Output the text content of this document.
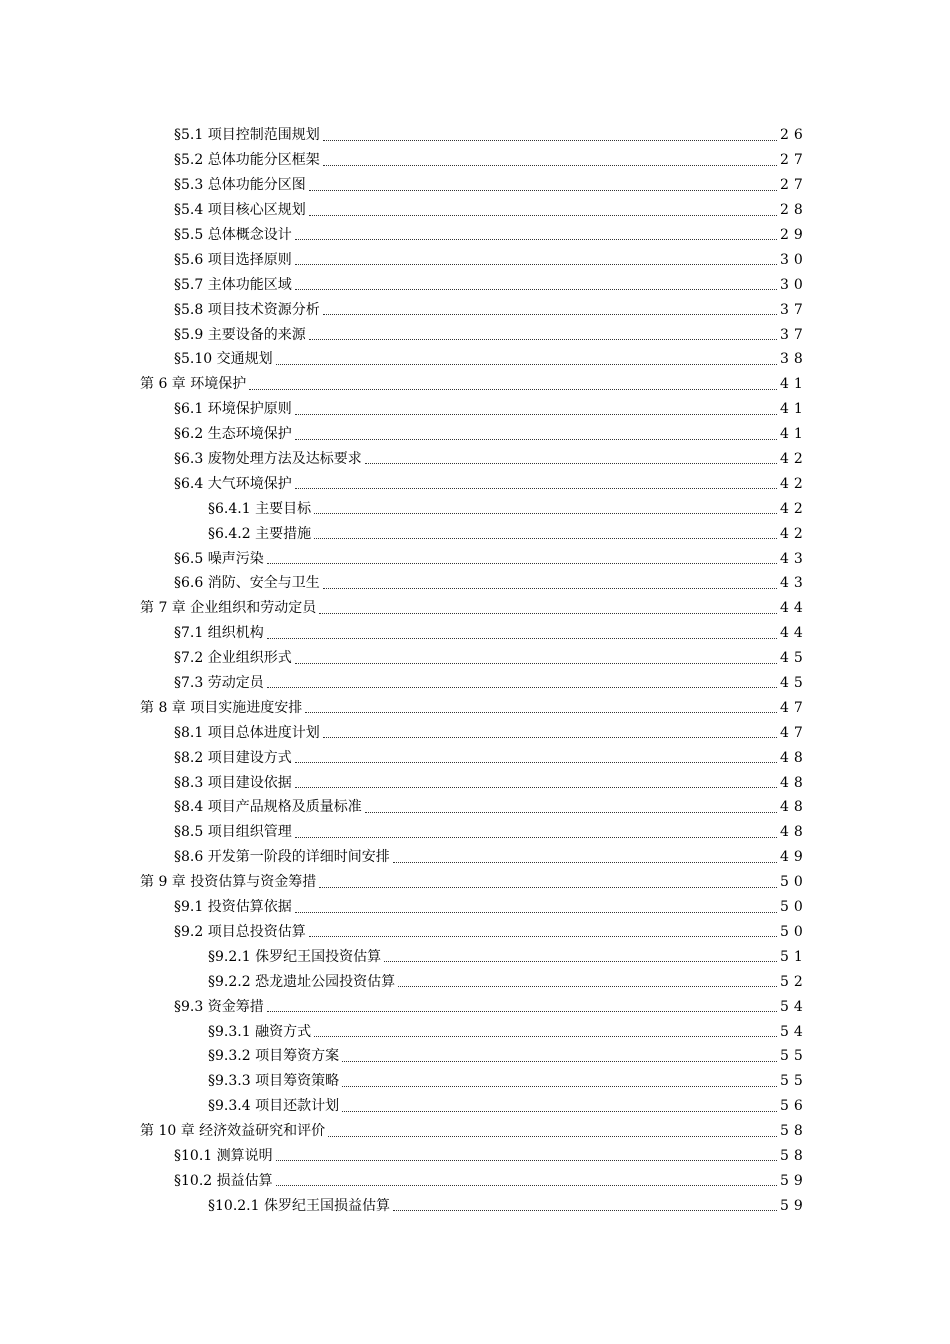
§5.1 项目控制范围规划	26
§5.2 总体功能分区框架	27
§5.3 总体功能分区图	27
§5.4 项目核心区规划	28
§5.5 总体概念设计	29
§5.6 项目选择原则	30
§5.7 主体功能区域	30
§5.8 项目技术资源分析	37
§5.9 主要设备的来源	37
§5.10 交通规划	38
第 6 章 环境保护	41
§6.1 环境保护原则	41
§6.2 生态环境保护	41
§6.3 废物处理方法及达标要求	42
§6.4 大气环境保护	42
§6.4.1 主要目标	42
§6.4.2 主要措施	42
§6.5 噪声污染	43
§6.6 消防、安全与卫生	43
第 7 章 企业组织和劳动定员	44
§7.1 组织机构	44
§7.2 企业组织形式	45
§7.3 劳动定员	45
第 8 章 项目实施进度安排	47
§8.1 项目总体进度计划	47
§8.2 项目建设方式	48
§8.3 项目建设依据	48
§8.4 项目产品规格及质量标准	48
§8.5 项目组织管理	48
§8.6 开发第一阶段的详细时间安排	49
第 9 章 投资估算与资金筹措	50
§9.1 投资估算依据	50
§9.2 项目总投资估算	50
§9.2.1 侏罗纪王国投资估算	51
§9.2.2 恐龙遗址公园投资估算	52
§9.3 资金筹措	54
§9.3.1 融资方式	54
§9.3.2 项目筹资方案	55
§9.3.3 项目筹资策略	55
§9.3.4 项目还款计划	56
第 10 章 经济效益研究和评价	58
§10.1 测算说明	58
§10.2 损益估算	59
§10.2.1 侏罗纪王国损益估算	59
